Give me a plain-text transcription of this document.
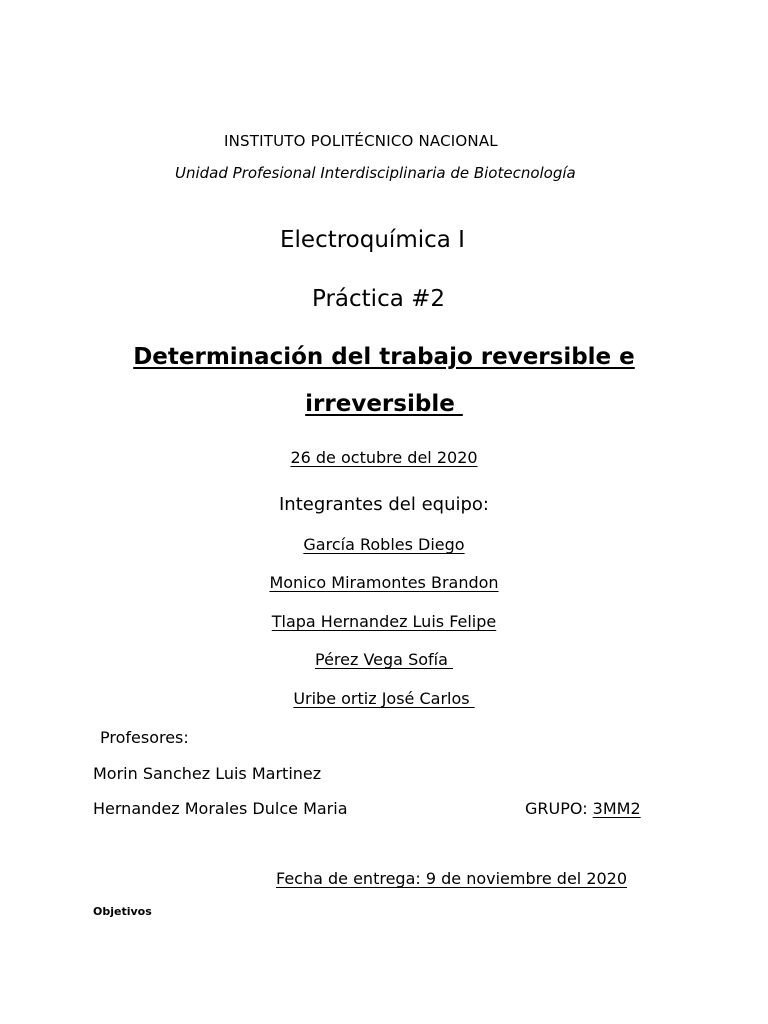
INSTITUTO POLITÉCNICO NACIONAL
Unidad Profesional Interdisciplinaria de Biotecnología
Electroquímica I
Práctica #2
Determinación del trabajo reversible e
irreversible
26 de octubre del 2020
Integrantes del equipo:
García Robles Diego
Monico Miramontes Brandon
Tlapa Hernandez Luis Felipe
Pérez Vega Sofía
Uribe ortiz José Carlos
Profesores:
Morin Sanchez Luis Martinez
Hernandez Morales Dulce Maria	GRUPO: 3MM2
Fecha de entrega: 9 de noviembre del 2020
Objetivos
